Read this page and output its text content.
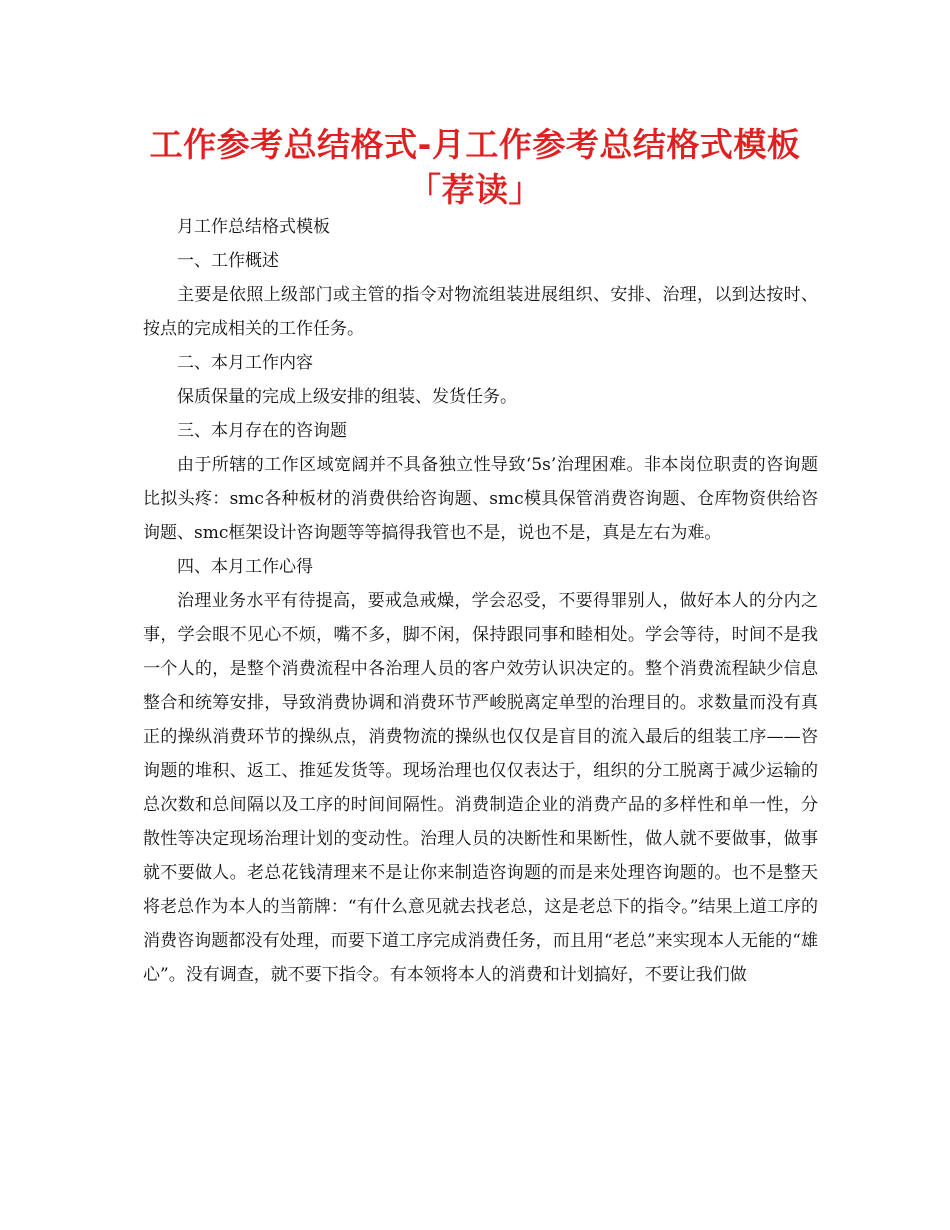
工作参考总结格式-月工作参考总结格式模板「荐读」

月工作总结格式模板

一、工作概述

主要是依照上级部门或主管的指令对物流组装进展组织、安排、治理，以到达按时、按点的完成相关的工作任务。

二、本月工作内容

保质保量的完成上级安排的组装、发货任务。

三、本月存在的咨询题

由于所辖的工作区域宽阔并不具备独立性导致‘5s’治理困难。非本岗位职责的咨询题比拟头疼：smc各种板材的消费供给咨询题、smc模具保管消费咨询题、仓库物资供给咨询题、smc框架设计咨询题等等搞得我管也不是，说也不是，真是左右为难。

四、本月工作心得

治理业务水平有待提高，要戒急戒燥，学会忍受，不要得罪别人，做好本人的分内之事，学会眼不见心不烦，嘴不多，脚不闲，保持跟同事和睦相处。学会等待，时间不是我一个人的，是整个消费流程中各治理人员的客户效劳认识决定的。整个消费流程缺少信息整合和统筹安排，导致消费协调和消费环节严峻脱离定单型的治理目的。求数量而没有真正的操纵消费环节的操纵点，消费物流的操纵也仅仅是盲目的流入最后的组装工序——咨询题的堆积、返工、推延发货等。现场治理也仅仅表达于，组织的分工脱离于减少运输的总次数和总间隔以及工序的时间间隔性。消费制造企业的消费产品的多样性和单一性，分散性等决定现场治理计划的变动性。治理人员的决断性和果断性，做人就不要做事，做事就不要做人。老总花钱清理来不是让你来制造咨询题的而是来处理咨询题的。也不是整天将老总作为本人的当箭牌：“有什么意见就去找老总，这是老总下的指令。”结果上道工序的消费咨询题都没有处理，而要下道工序完成消费任务，而且用“老总”来实现本人无能的“雄心”。没有调查，就不要下指令。有本领将本人的消费和计划搞好，不要让我们做
